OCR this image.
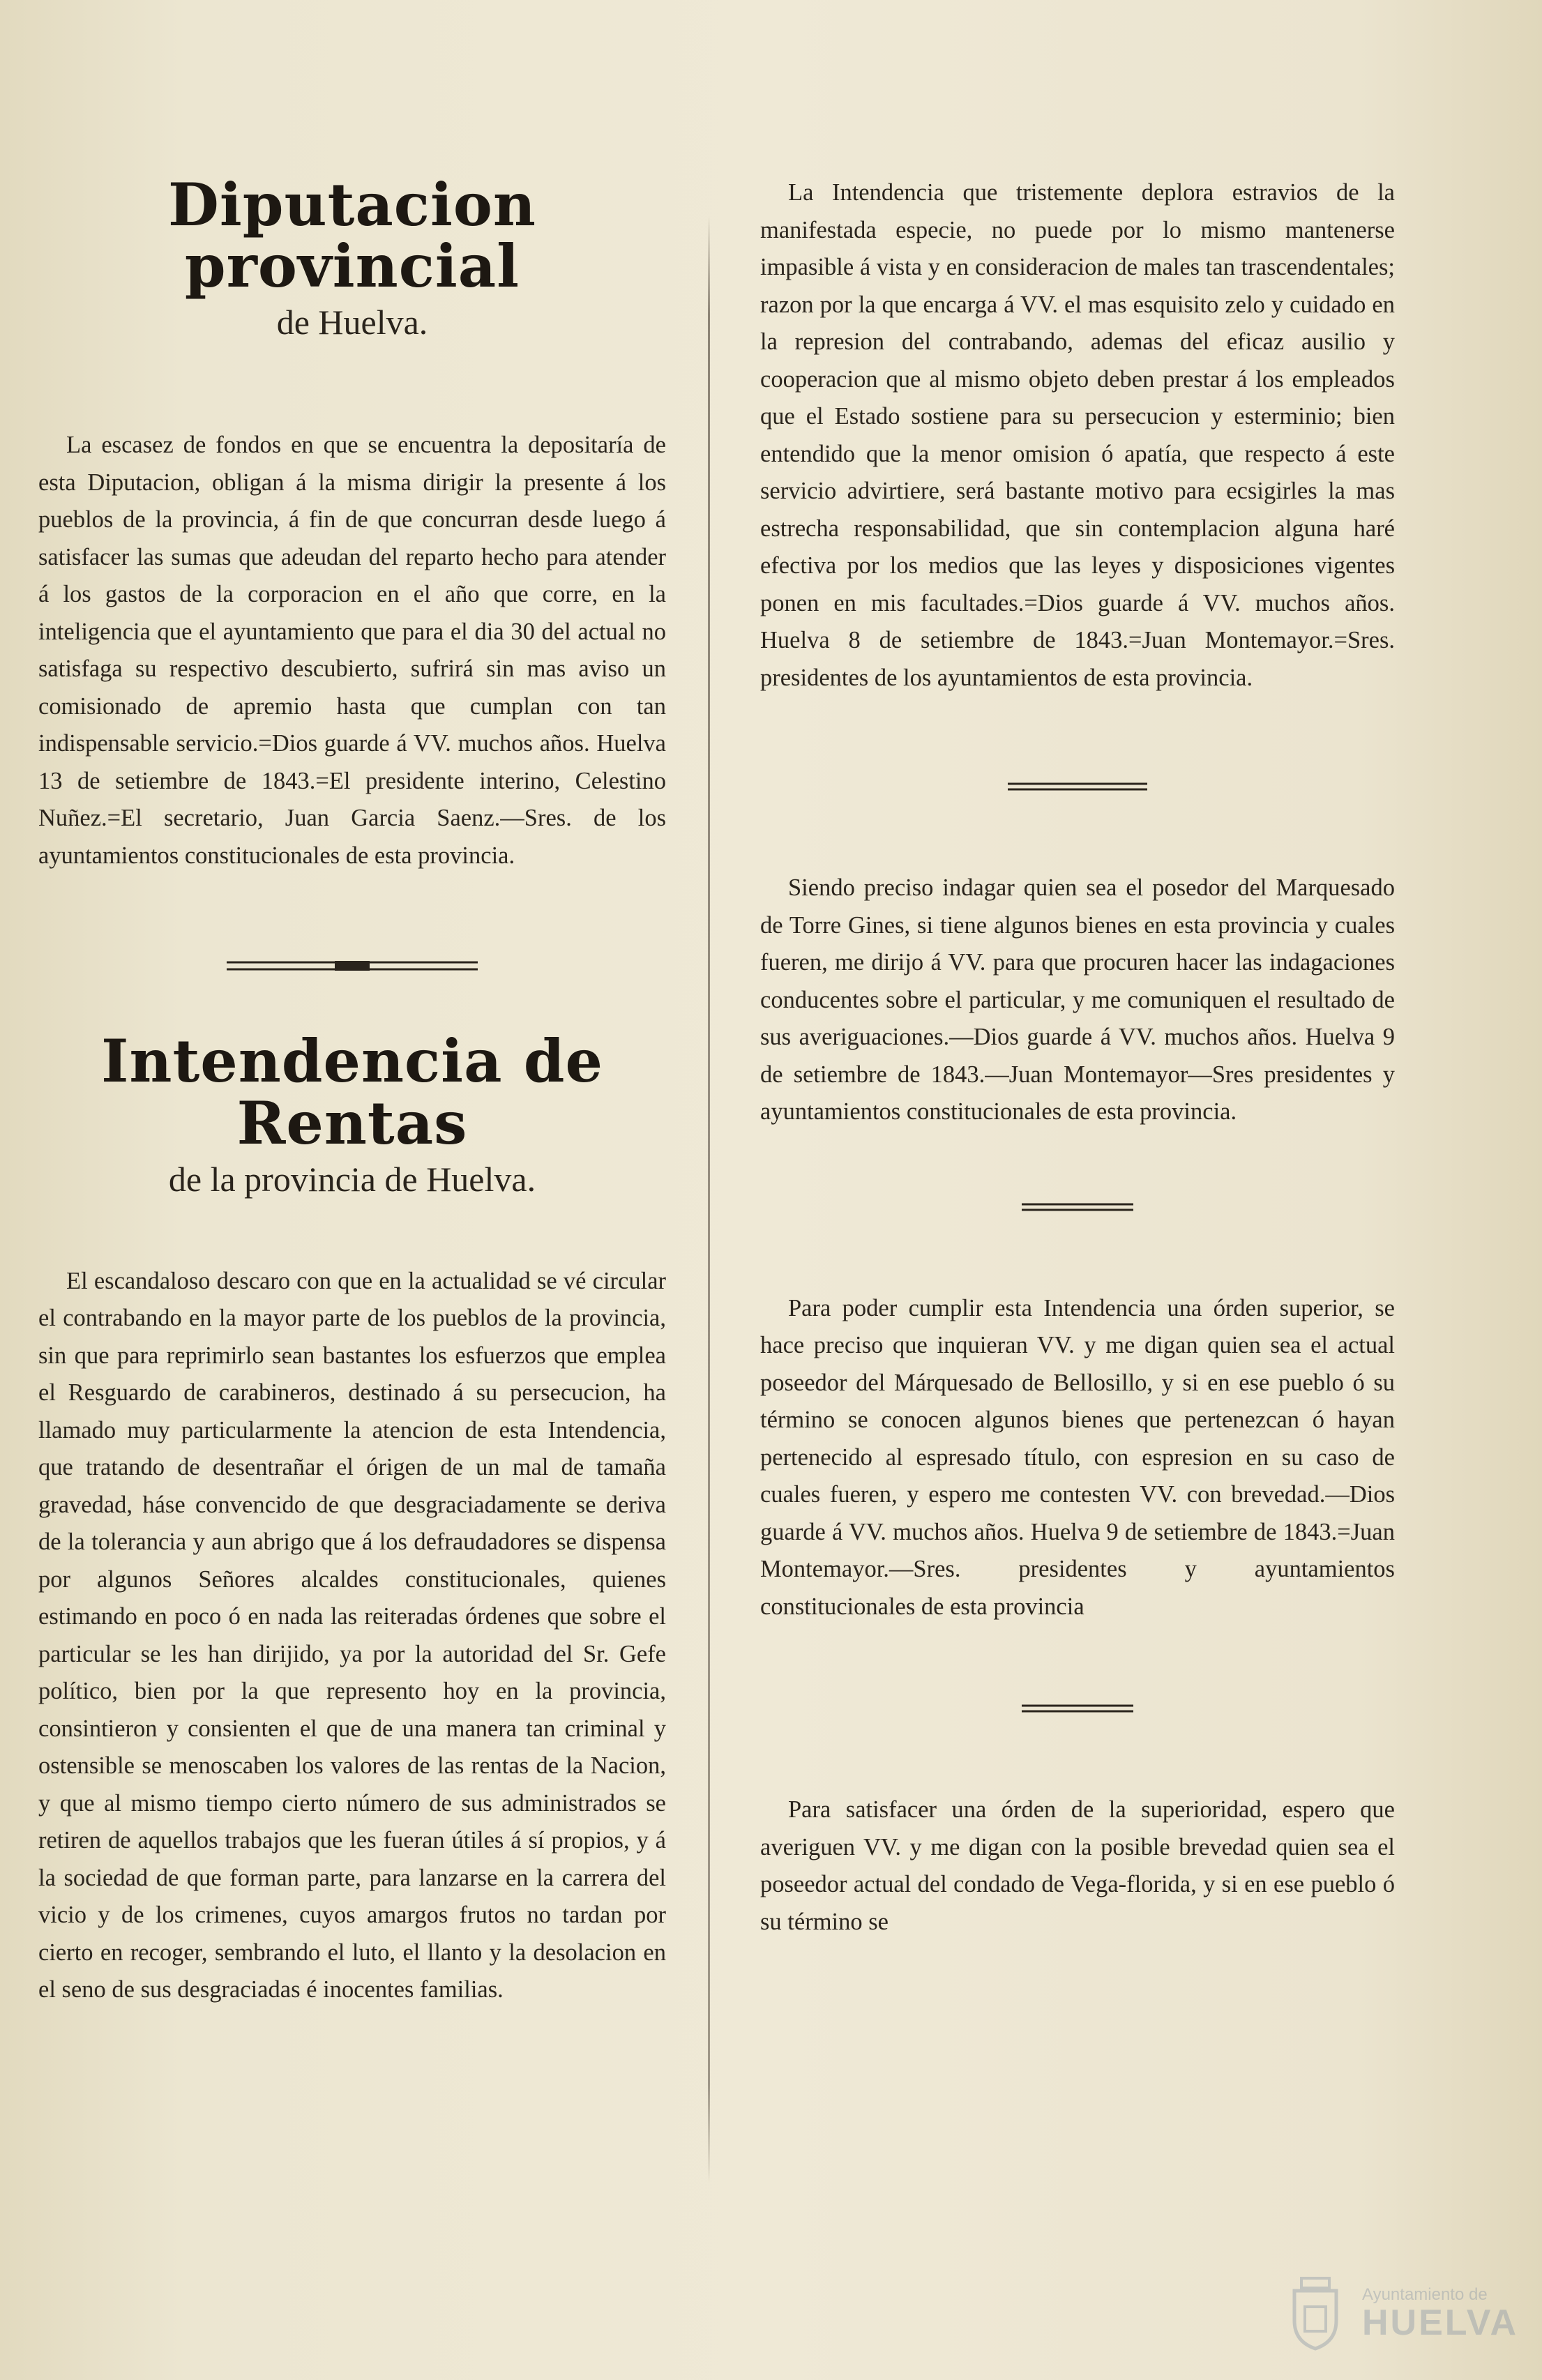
Diputacion provincial

de Huelva.

La escasez de fondos en que se encuentra la depositaría de esta Diputacion, obligan á la misma dirigir la presente á los pueblos de la provincia, á fin de que concurran desde luego á satisfacer las sumas que adeudan del reparto hecho para atender á los gastos de la corporacion en el año que corre, en la inteligencia que el ayuntamiento que para el dia 30 del actual no satisfaga su respectivo descubierto, sufrirá sin mas aviso un comisionado de apremio hasta que cumplan con tan indispensable servicio.=Dios guarde á VV. muchos años. Huelva 13 de setiembre de 1843.=El presidente interino, Celestino Nuñez.=El secretario, Juan Garcia Saenz.—Sres. de los ayuntamientos constitucionales de esta provincia.

Intendencia de Rentas

de la provincia de Huelva.

El escandaloso descaro con que en la actualidad se vé circular el contrabando en la mayor parte de los pueblos de la provincia, sin que para reprimirlo sean bastantes los esfuerzos que emplea el Resguardo de carabineros, destinado á su persecucion, ha llamado muy particularmente la atencion de esta Intendencia, que tratando de desentrañar el órigen de un mal de tamaña gravedad, háse convencido de que desgraciadamente se deriva de la tolerancia y aun abrigo que á los defraudadores se dispensa por algunos Señores alcaldes constitucionales, quienes estimando en poco ó en nada las reiteradas órdenes que sobre el particular se les han dirijido, ya por la autoridad del Sr. Gefe político, bien por la que represento hoy en la provincia, consintieron y consienten el que de una manera tan criminal y ostensible se menoscaben los valores de las rentas de la Nacion, y que al mismo tiempo cierto número de sus administrados se retiren de aquellos trabajos que les fueran útiles á sí propios, y á la sociedad de que forman parte, para lanzarse en la carrera del vicio y de los crimenes, cuyos amargos frutos no tardan por cierto en recoger, sembrando el luto, el llanto y la desolacion en el seno de sus desgraciadas é inocentes familias.

La Intendencia que tristemente deplora estravios de la manifestada especie, no puede por lo mismo mantenerse impasible á vista y en consideracion de males tan trascendentales; razon por la que encarga á VV. el mas esquisito zelo y cuidado en la represion del contrabando, ademas del eficaz ausilio y cooperacion que al mismo objeto deben prestar á los empleados que el Estado sostiene para su persecucion y esterminio; bien entendido que la menor omision ó apatía, que respecto á este servicio advirtiere, será bastante motivo para ecsigirles la mas estrecha responsabilidad, que sin contemplacion alguna haré efectiva por los medios que las leyes y disposiciones vigentes ponen en mis facultades.=Dios guarde á VV. muchos años. Huelva 8 de setiembre de 1843.=Juan Montemayor.=Sres. presidentes de los ayuntamientos de esta provincia.

Siendo preciso indagar quien sea el posedor del Marquesado de Torre Gines, si tiene algunos bienes en esta provincia y cuales fueren, me dirijo á VV. para que procuren hacer las indagaciones conducentes sobre el particular, y me comuniquen el resultado de sus averiguaciones.—Dios guarde á VV. muchos años. Huelva 9 de setiembre de 1843.—Juan Montemayor—Sres presidentes y ayuntamientos constitucionales de esta provincia.

Para poder cumplir esta Intendencia una órden superior, se hace preciso que inquieran VV. y me digan quien sea el actual poseedor del Márquesado de Bellosillo, y si en ese pueblo ó su término se conocen algunos bienes que pertenezcan ó hayan pertenecido al espresado título, con espresion en su caso de cuales fueren, y espero me contesten VV. con brevedad.—Dios guarde á VV. muchos años. Huelva 9 de setiembre de 1843.=Juan Montemayor.—Sres. presidentes y ayuntamientos constitucionales de esta provincia

Para satisfacer una órden de la superioridad, espero que averiguen VV. y me digan con la posible brevedad quien sea el poseedor actual del condado de Vega-florida, y si en ese pueblo ó su término se

Ayuntamiento de
HUELVA
